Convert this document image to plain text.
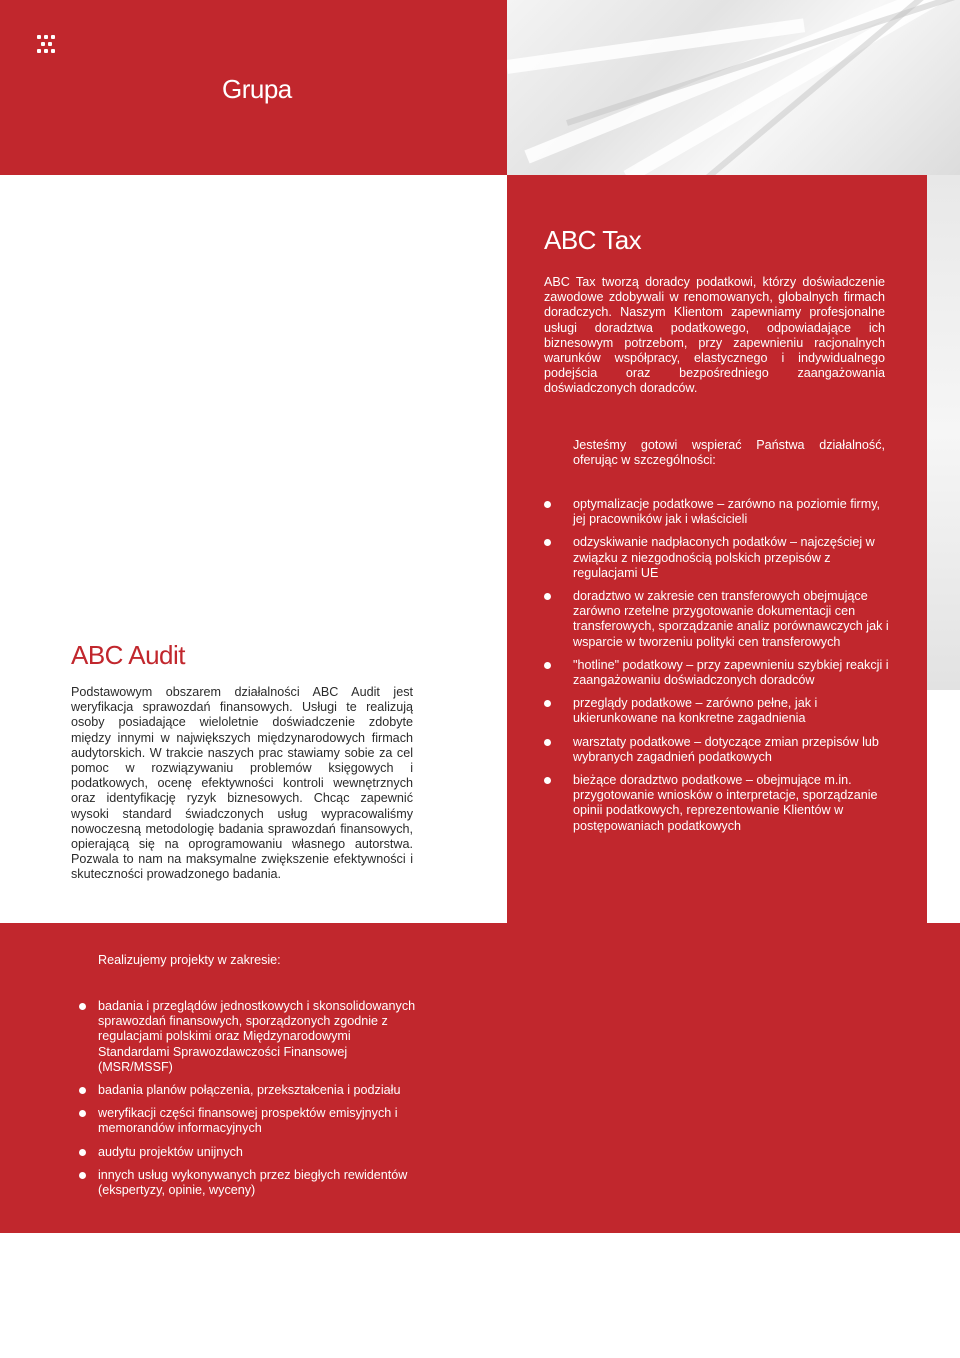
Grupa
ABC Tax
ABC Tax tworzą doradcy podatkowi, którzy doświadczenie zawodowe zdobywali w renomowanych, globalnych firmach doradczych. Naszym Klientom zapewniamy profesjonalne usługi doradztwa podatkowego, odpowiadające ich biznesowym potrzebom, przy zapewnieniu racjonalnych warunków współpracy, elastycznego i indywidualnego podejścia oraz bezpośredniego zaangażowania doświadczonych doradców.
Jesteśmy gotowi wspierać Państwa działalność, oferując w szczególności:
optymalizacje podatkowe – zarówno na poziomie firmy, jej pracowników jak i właścicieli
odzyskiwanie nadpłaconych podatków – najczęściej w związku z niezgodnością polskich przepisów z regulacjami UE
doradztwo w zakresie cen transferowych obejmujące zarówno rzetelne przygotowanie dokumentacji cen transferowych, sporządzanie analiz porównawczych jak i wsparcie w tworzeniu polityki cen transferowych
"hotline" podatkowy – przy zapewnieniu szybkiej reakcji i zaangażowaniu doświadczonych doradców
przeglądy podatkowe – zarówno pełne, jak i ukierunkowane na konkretne zagadnienia
warsztaty podatkowe – dotyczące zmian przepisów lub wybranych zagadnień podatkowych
bieżące doradztwo podatkowe – obejmujące m.in. przygotowanie wniosków o interpretacje, sporządzanie opinii podatkowych, reprezentowanie Klientów w postępowaniach podatkowych
ABC Audit
Podstawowym obszarem działalności ABC Audit jest weryfikacja sprawozdań finansowych. Usługi te realizują osoby posiadające wieloletnie doświadczenie zdobyte między innymi w największych międzynarodowych firmach audytorskich. W trakcie naszych prac stawiamy sobie za cel pomoc w rozwiązywaniu problemów księgowych i podatkowych, ocenę efektywności kontroli wewnętrznych oraz identyfikację ryzyk biznesowych. Chcąc zapewnić wysoki standard świadczonych usług wypracowaliśmy nowoczesną metodologię badania sprawozdań finansowych, opierającą się na oprogramowaniu własnego autorstwa. Pozwala to nam na maksymalne zwiększenie efektywności i skuteczności prowadzonego badania.
Realizujemy projekty w zakresie:
badania i przeglądów jednostkowych i skonsolidowanych sprawozdań finansowych, sporządzonych zgodnie z regulacjami polskimi oraz Międzynarodowymi Standardami Sprawozdawczości Finansowej (MSR/MSSF)
badania planów połączenia, przekształcenia i podziału
weryfikacji części finansowej prospektów emisyjnych i memorandów informacyjnych
audytu projektów unijnych
innych usług wykonywanych przez biegłych rewidentów (ekspertyzy, opinie, wyceny)
